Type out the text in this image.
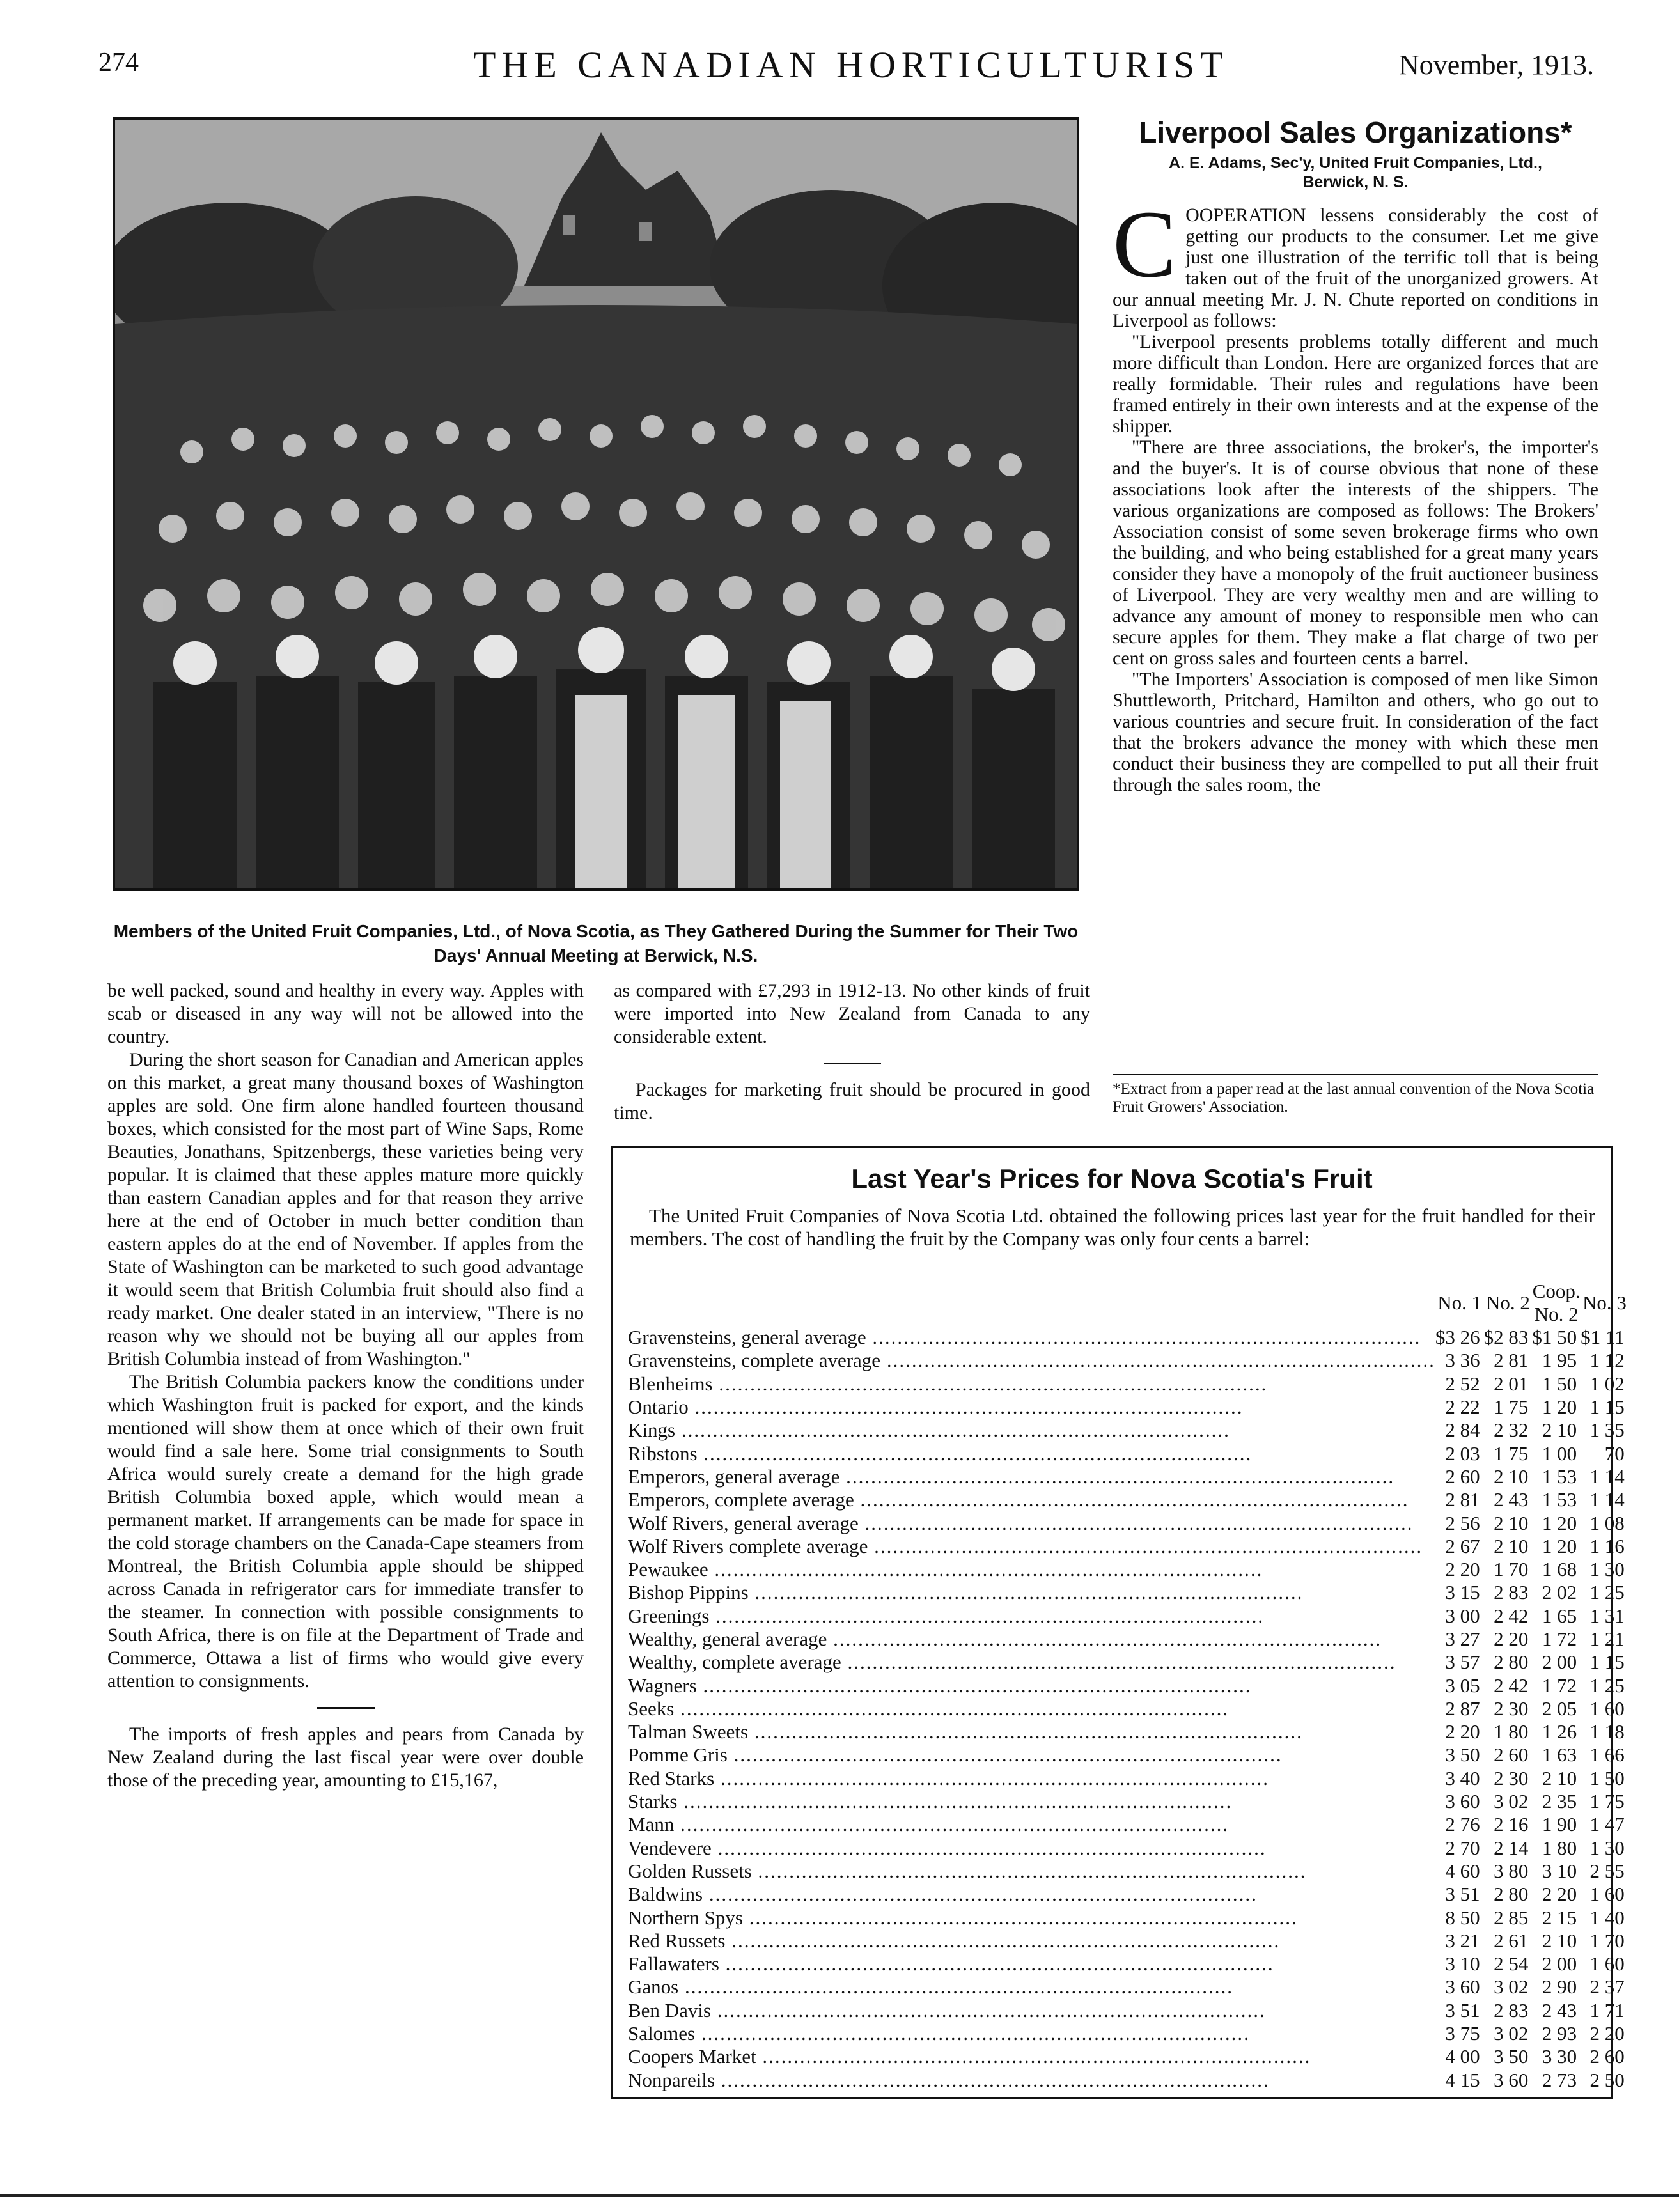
274	THE CANADIAN HORTICULTURIST	November, 1913.
Members of the United Fruit Companies, Ltd., of Nova Scotia, as They Gathered During the Summer for Their Two Days' Annual Meeting at Berwick, N.S.

be well packed, sound and healthy in every way. Apples with scab or diseased in any way will not be allowed into the country.

During the short season for Canadian and American apples on this market, a great many thousand boxes of Washington apples are sold. One firm alone handled fourteen thousand boxes, which consisted for the most part of Wine Saps, Rome Beauties, Jonathans, Spitzenbergs, these varieties being very popular. It is claimed that these apples mature more quickly than eastern Canadian apples and for that reason they arrive here at the end of October in much better condition than eastern apples do at the end of November. If apples from the State of Washington can be marketed to such good advantage it would seem that British Columbia fruit should also find a ready market. One dealer stated in an interview, "There is no reason why we should not be buying all our apples from British Columbia instead of from Washington."

The British Columbia packers know the conditions under which Washington fruit is packed for export, and the kinds mentioned will show them at once which of their own fruit would find a sale here. Some trial consignments to South Africa would surely create a demand for the high grade British Columbia boxed apple, which would mean a permanent market. If arrangements can be made for space in the cold storage chambers on the Canada-Cape steamers from Montreal, the British Columbia apple should be shipped across Canada in refrigerator cars for immediate transfer to the steamer. In connection with possible consignments to South Africa, there is on file at the Department of Trade and Commerce, Ottawa a list of firms who would give every attention to consignments.

The imports of fresh apples and pears from Canada by New Zealand during the last fiscal year were over double those of the preceding year, amounting to £15,167,

as compared with £7,293 in 1912-13. No other kinds of fruit were imported into New Zealand from Canada to any considerable extent.

Packages for marketing fruit should be procured in good time.

Liverpool Sales Organizations*
A. E. Adams, Sec'y, United Fruit Companies, Ltd.,
Berwick, N. S.

COOPERATION lessens considerably the cost of getting our products to the consumer. Let me give just one illustration of the terrific toll that is being taken out of the fruit of the unorganized growers. At our annual meeting Mr. J. N. Chute reported on conditions in Liverpool as follows:

"Liverpool presents problems totally different and much more difficult than London. Here are organized forces that are really formidable. Their rules and regulations have been framed entirely in their own interests and at the expense of the shipper.

"There are three associations, the broker's, the importer's and the buyer's. It is of course obvious that none of these associations look after the interests of the shippers. The various organizations are composed as follows: The Brokers' Association consist of some seven brokerage firms who own the building, and who being established for a great many years consider they have a monopoly of the fruit auctioneer business of Liverpool. They are very wealthy men and are willing to advance any amount of money to responsible men who can secure apples for them. They make a flat charge of two per cent on gross sales and fourteen cents a barrel.

"The Importers' Association is composed of men like Simon Shuttleworth, Pritchard, Hamilton and others, who go out to various countries and secure fruit. In consideration of the fact that the brokers advance the money with which these men conduct their business they are compelled to put all their fruit through the sales room, the

*Extract from a paper read at the last annual convention of the Nova Scotia Fruit Growers' Association.
Last Year's Prices for Nova Scotia's Fruit

The United Fruit Companies of Nova Scotia Ltd. obtained the following prices last year for the fruit handled for their members. The cost of handling the fruit by the Company was only four cents a barrel:

	No. 1	No. 2	Coop. No. 2	No. 3
Gravensteins, general average .....	$3 26	$2 83	$1 50	$1 11
Gravensteins, complete average .....	3 36	2 81	1 95	1 12
Blenheims .....	2 52	2 01	1 50	1 02
Ontario .....	2 22	1 75	1 20	1 15
Kings .....	2 84	2 32	2 10	1 35
Ribstons .....	2 03	1 75	1 00	70
Emperors, general average .....	2 60	2 10	1 53	1 14
Emperors, complete average .....	2 81	2 43	1 53	1 14
Wolf Rivers, general average .....	2 56	2 10	1 20	1 08
Wolf Rivers complete average .....	2 67	2 10	1 20	1 16
Pewaukee .....	2 20	1 70	1 68	1 30
Bishop Pippins .....	3 15	2 83	2 02	1 25
Greenings .....	3 00	2 42	1 65	1 31
Wealthy, general average .....	3 27	2 20	1 72	1 21
Wealthy, complete average .....	3 57	2 80	2 00	1 15
Wagners .....	3 05	2 42	1 72	1 25
Seeks .....	2 87	2 30	2 05	1 60
Talman Sweets .....	2 20	1 80	1 26	1 18
Pomme Gris .....	3 50	2 60	1 63	1 66
Red Starks .....	3 40	2 30	2 10	1 50
Starks .....	3 60	3 02	2 35	1 75
Mann .....	2 76	2 16	1 90	1 47
Vendevere .....	2 70	2 14	1 80	1 30
Golden Russets .....	4 60	3 80	3 10	2 55
Baldwins .....	3 51	2 80	2 20	1 60
Northern Spys .....	8 50	2 85	2 15	1 40
Red Russets .....	3 21	2 61	2 10	1 70
Fallawaters .....	3 10	2 54	2 00	1 60
Ganos .....	3 60	3 02	2 90	2 37
Ben Davis .....	3 51	2 83	2 43	1 71
Salomes .....	3 75	3 02	2 93	2 20
Coopers Market .....	4 00	3 50	3 30	2 60
Nonpareils .....	4 15	3 60	2 73	2 50
